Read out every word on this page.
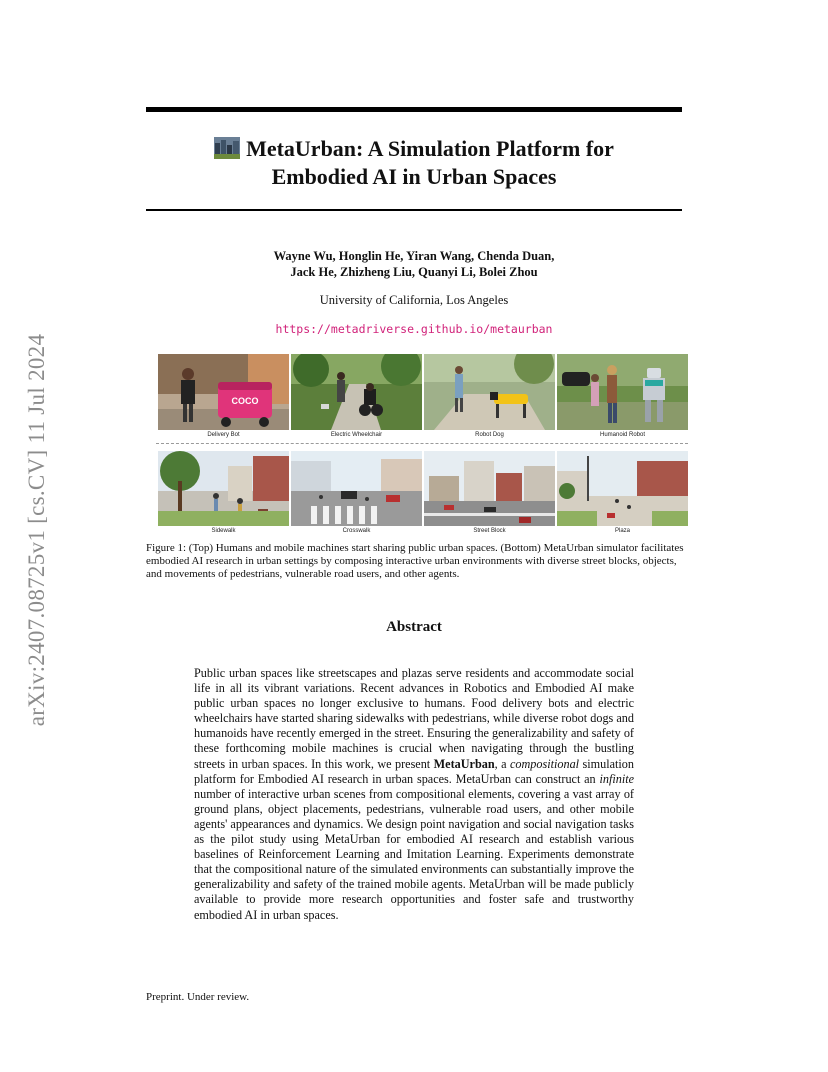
arXiv:2407.08725v1 [cs.CV] 11 Jul 2024
MetaUrban: A Simulation Platform for
Embodied AI in Urban Spaces
Wayne Wu, Honglin He, Yiran Wang, Chenda Duan,
Jack He, Zhizheng Liu, Quanyi Li, Bolei Zhou
University of California, Los Angeles
https://metadriverse.github.io/metaurban
COCO
Delivery Bot	Electric Wheelchair	Robot Dog	Humanoid Robot
Sidewalk	Crosswalk	Street Block	Plaza
Figure 1: (Top) Humans and mobile machines start sharing public urban spaces. (Bottom) MetaUrban simulator facilitates embodied AI research in urban settings by composing interactive urban environments with diverse street blocks, objects, and movements of pedestrians, vulnerable road users, and other agents.
Abstract
Public urban spaces like streetscapes and plazas serve residents and accommodate social life in all its vibrant variations. Recent advances in Robotics and Embodied AI make public urban spaces no longer exclusive to humans. Food delivery bots and electric wheelchairs have started sharing sidewalks with pedestrians, while diverse robot dogs and humanoids have recently emerged in the street. Ensuring the generalizability and safety of these forthcoming mobile machines is crucial when navigating through the bustling streets in urban spaces. In this work, we present MetaUrban, a compositional simulation platform for Embodied AI research in urban spaces. MetaUrban can construct an infinite number of interactive urban scenes from compositional elements, covering a vast array of ground plans, object placements, pedestrians, vulnerable road users, and other mobile agents' appearances and dynamics. We design point navigation and social navigation tasks as the pilot study using MetaUrban for embodied AI research and establish various baselines of Reinforcement Learning and Imitation Learning. Experiments demonstrate that the compositional nature of the simulated environments can substantially improve the generalizability and safety of the trained mobile agents. MetaUrban will be made publicly available to provide more research opportunities and foster safe and trustworthy embodied AI in urban spaces.
Preprint. Under review.
